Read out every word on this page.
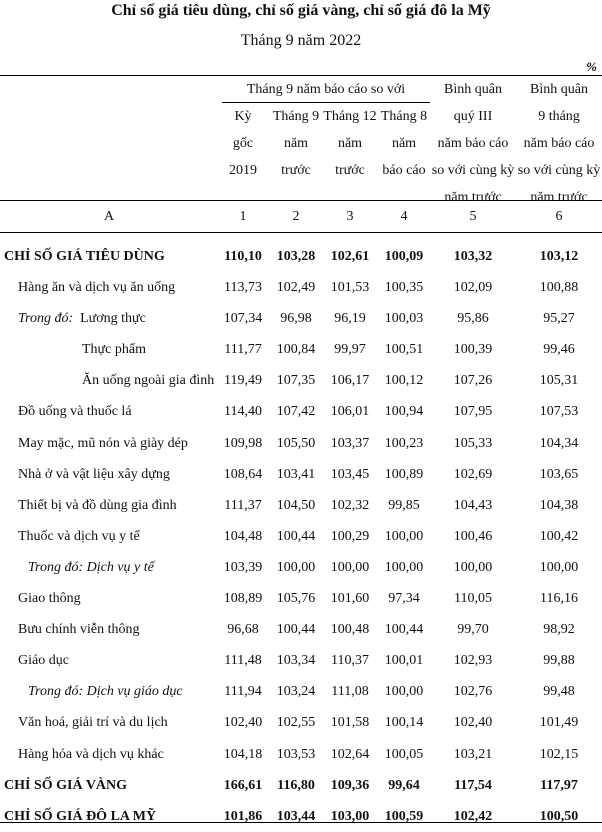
Chỉ số giá tiêu dùng, chỉ số giá vàng, chỉ số giá đô la Mỹ
Tháng 9 năm 2022
%
Tháng 9 năm báo cáo so với
Kỳ
gốc
2019
Tháng 9
năm
trước
Tháng 12
năm
trước
Tháng 8
năm
báo cáo
Bình quân
quý III
năm báo cáo
so với cùng kỳ
năm trước
Bình quân
9 tháng
năm báo cáo
so với cùng kỳ
năm trước
A	1	2	3	4	5	6
CHỈ SỐ GIÁ TIÊU DÙNG	110,10	103,28	102,61	100,09	103,32	103,12
Hàng ăn và dịch vụ ăn uống	113,73	102,49	101,53	100,35	102,09	100,88
Trong đó: Lương thực	107,34	96,98	96,19	100,03	95,86	95,27
Thực phẩm	111,77	100,84	99,97	100,51	100,39	99,46
Ăn uống ngoài gia đình 119,49	107,35	106,17	100,12	107,26	105,31
Đồ uống và thuốc lá	114,40	107,42	106,01	100,94	107,95	107,53
May mặc, mũ nón và giày dép	109,98	105,50	103,37	100,23	105,33	104,34
Nhà ở và vật liệu xây dựng	108,64	103,41	103,45	100,89	102,69	103,65
Thiết bị và đồ dùng gia đình	111,37	104,50	102,32	99,85	104,43	104,38
Thuốc và dịch vụ y tế	104,48	100,44	100,29	100,00	100,46	100,42
Trong đó: Dịch vụ y tế	103,39	100,00	100,00	100,00	100,00	100,00
Giao thông	108,89	105,76	101,60	97,34	110,05	116,16
Bưu chính viễn thông	96,68	100,44	100,48	100,44	99,70	98,92
Giáo dục	111,48	103,34	110,37	100,01	102,93	99,88
Trong đó: Dịch vụ giáo dục	111,94	103,24	111,08	100,00	102,76	99,48
Văn hoá, giải trí và du lịch	102,40	102,55	101,58	100,14	102,40	101,49
Hàng hóa và dịch vụ khác	104,18	103,53	102,64	100,05	103,21	102,15
CHỈ SỐ GIÁ VÀNG	166,61	116,80	109,36	99,64	117,54	117,97
CHỈ SỐ GIÁ ĐÔ LA MỸ	101,86	103,44	103,00	100,59	102,42	100,50
